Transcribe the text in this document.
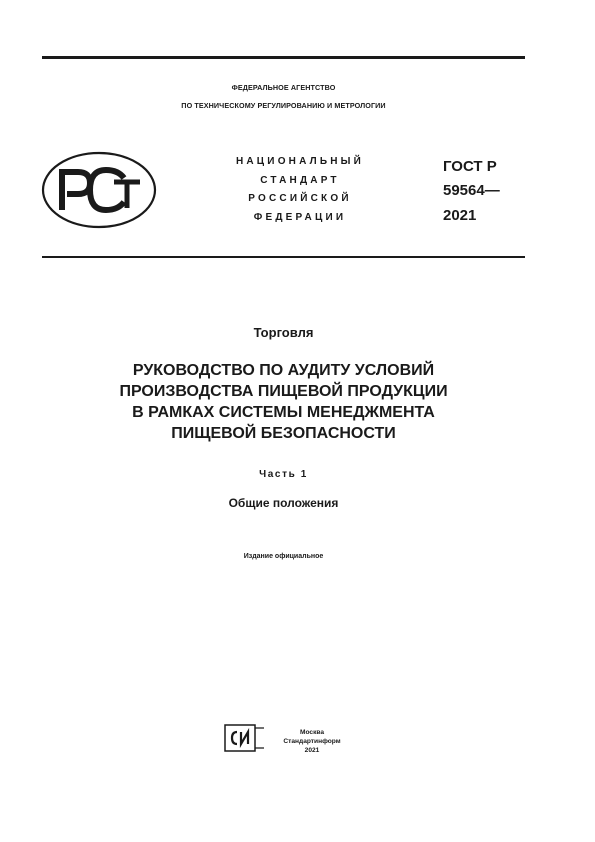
ФЕДЕРАЛЬНОЕ АГЕНТСТВО
ПО ТЕХНИЧЕСКОМУ РЕГУЛИРОВАНИЮ И МЕТРОЛОГИИ
НАЦИОНАЛЬНЫЙ
СТАНДАРТ
РОССИЙСКОЙ
ФЕДЕРАЦИИ
ГОСТ Р
59564—
2021
Торговля
РУКОВОДСТВО ПО АУДИТУ УСЛОВИЙ
ПРОИЗВОДСТВА ПИЩЕВОЙ ПРОДУКЦИИ
В РАМКАХ СИСТЕМЫ МЕНЕДЖМЕНТА
ПИЩЕВОЙ БЕЗОПАСНОСТИ
Часть 1
Общие положения
Издание официальное
Москва
Стандартинформ
2021
